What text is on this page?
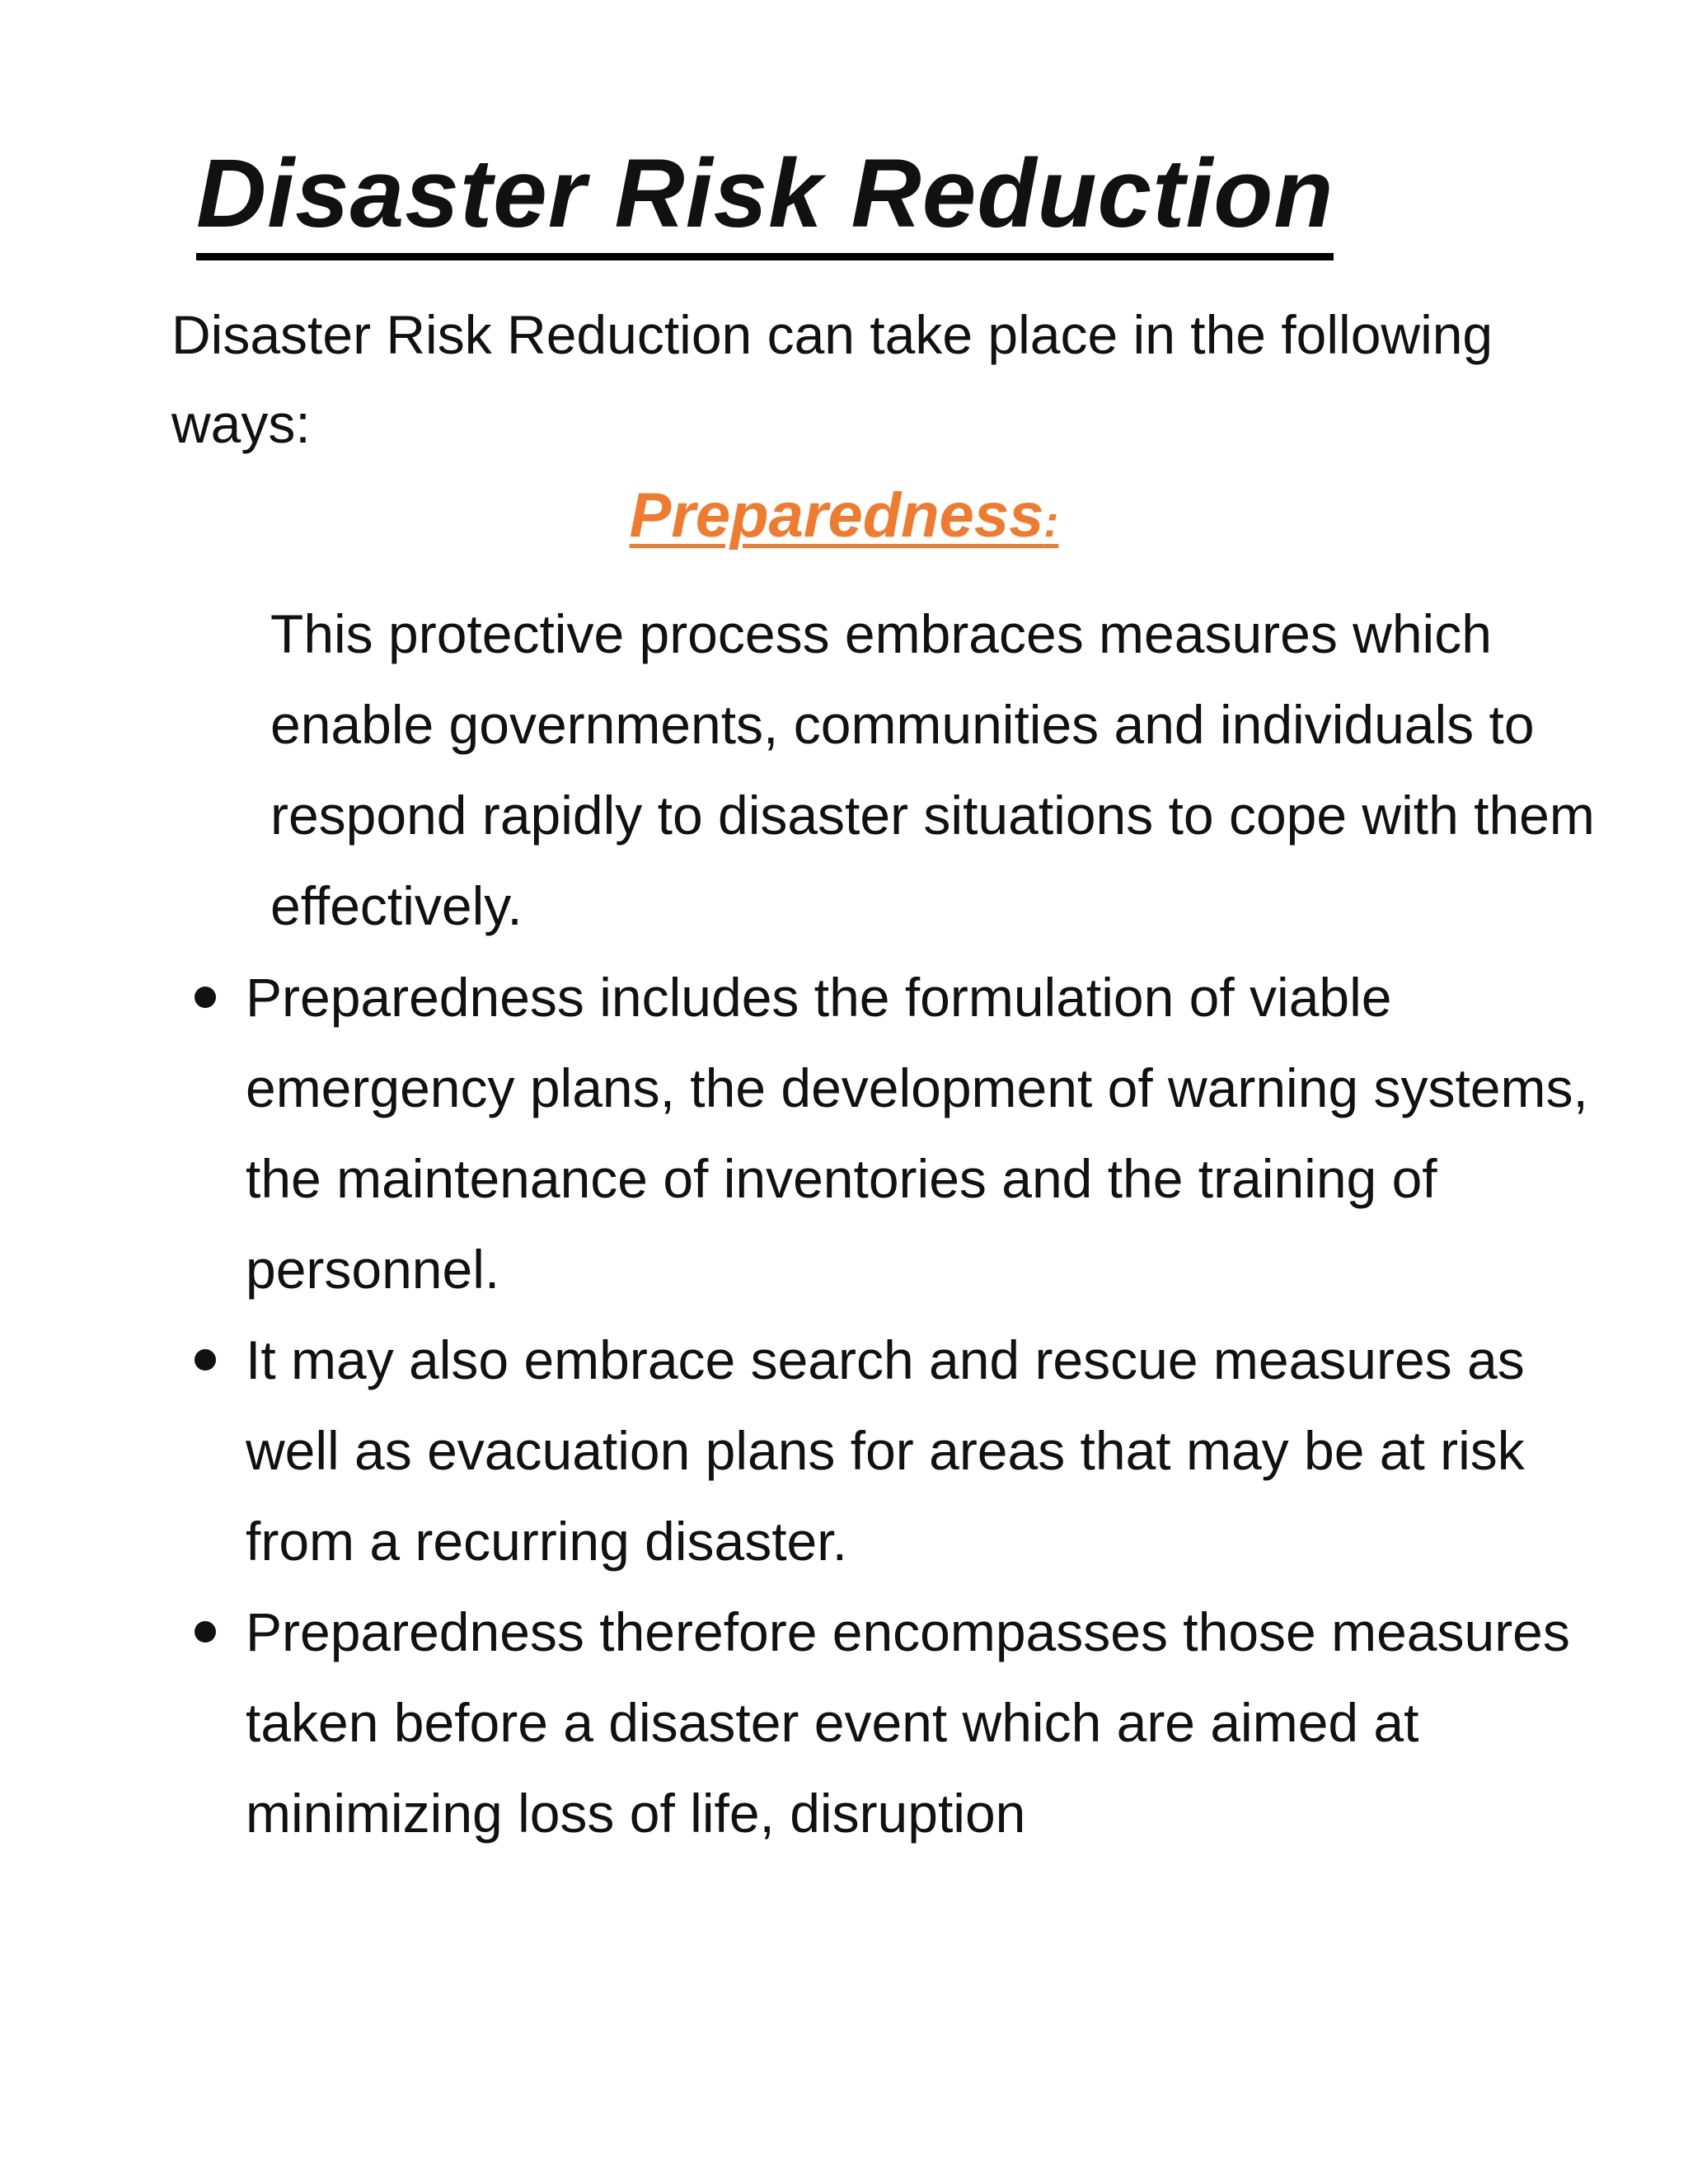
Disaster Risk Reduction

Disaster Risk Reduction can take place in the following ways:

Preparedness:

This protective process embraces measures which enable governments, communities and individuals to respond rapidly to disaster situations to cope with them effectively.

Preparedness includes the formulation of viable emergency plans, the development of warning systems, the maintenance of inventories and the training of personnel.
It may also embrace search and rescue measures as well as evacuation plans for areas that may be at risk from a recurring disaster.
Preparedness therefore encompasses those measures taken before a disaster event which are aimed at minimizing loss of life, disruption
